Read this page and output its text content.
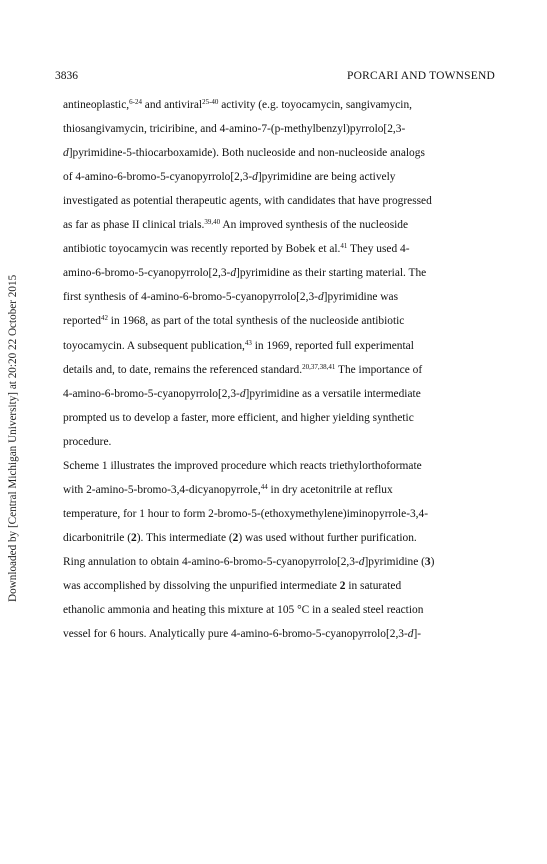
3836	PORCARI AND TOWNSEND
Downloaded by [Central Michigan University] at 20:20 22 October 2015
antineoplastic,$^{6-24}$ and antiviral$^{25-40}$ activity (e.g. toyocamycin, sangivamycin,
thiosangivamycin, triciribine, and 4-amino-7-(p-methylbenzyl)pyrrolo[2,3-
d]pyrimidine-5-thiocarboxamide). Both nucleoside and non-nucleoside analogs
of 4-amino-6-bromo-5-cyanopyrrolo[2,3-d]pyrimidine are being actively
investigated as potential therapeutic agents, with candidates that have progressed
as far as phase II clinical trials.$^{39,40}$ An improved synthesis of the nucleoside
antibiotic toyocamycin was recently reported by Bobek et al.$^{41}$ They used 4-
amino-6-bromo-5-cyanopyrrolo[2,3-d]pyrimidine as their starting material. The
first synthesis of 4-amino-6-bromo-5-cyanopyrrolo[2,3-d]pyrimidine was
reported$^{42}$ in 1968, as part of the total synthesis of the nucleoside antibiotic
toyocamycin. A subsequent publication,$^{43}$ in 1969, reported full experimental
details and, to date, remains the referenced standard.$^{20,37,38,41}$ The importance of
4-amino-6-bromo-5-cyanopyrrolo[2,3-d]pyrimidine as a versatile intermediate
prompted us to develop a faster, more efficient, and higher yielding synthetic
procedure.
Scheme 1 illustrates the improved procedure which reacts triethylorthoformate
with 2-amino-5-bromo-3,4-dicyanopyrrole,$^{44}$ in dry acetonitrile at reflux
temperature, for 1 hour to form 2-bromo-5-(ethoxymethylene)iminopyrrole-3,4-
dicarbonitrile (2). This intermediate (2) was used without further purification.
Ring annulation to obtain 4-amino-6-bromo-5-cyanopyrrolo[2,3-d]pyrimidine (3)
was accomplished by dissolving the unpurified intermediate 2 in saturated
ethanolic ammonia and heating this mixture at 105 °C in a sealed steel reaction
vessel for 6 hours. Analytically pure 4-amino-6-bromo-5-cyanopyrrolo[2,3-d]-
